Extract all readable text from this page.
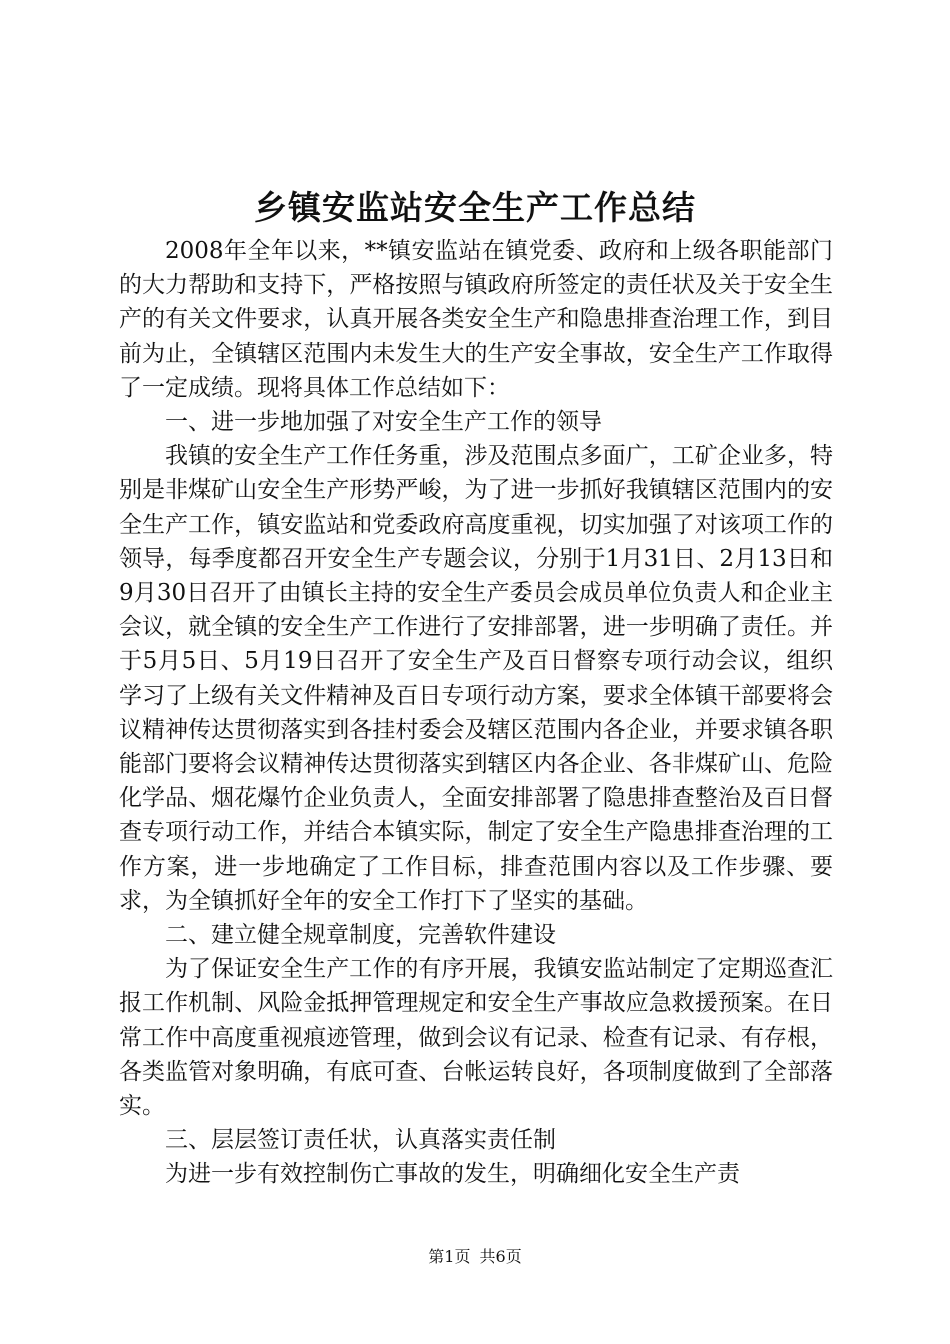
乡镇安监站安全生产工作总结

2008年全年以来，**镇安监站在镇党委、政府和上级各职能部门的大力帮助和支持下，严格按照与镇政府所签定的责任状及关于安全生产的有关文件要求，认真开展各类安全生产和隐患排查治理工作，到目前为止，全镇辖区范围内未发生大的生产安全事故，安全生产工作取得了一定成绩。现将具体工作总结如下：

一、进一步地加强了对安全生产工作的领导

我镇的安全生产工作任务重，涉及范围点多面广，工矿企业多，特别是非煤矿山安全生产形势严峻，为了进一步抓好我镇辖区范围内的安全生产工作，镇安监站和党委政府高度重视，切实加强了对该项工作的领导，每季度都召开安全生产专题会议，分别于1月31日、2月13日和9月30日召开了由镇长主持的安全生产委员会成员单位负责人和企业主会议，就全镇的安全生产工作进行了安排部署，进一步明确了责任。并于5月5日、5月19日召开了安全生产及百日督察专项行动会议，组织学习了上级有关文件精神及百日专项行动方案，要求全体镇干部要将会议精神传达贯彻落实到各挂村委会及辖区范围内各企业，并要求镇各职能部门要将会议精神传达贯彻落实到辖区内各企业、各非煤矿山、危险化学品、烟花爆竹企业负责人，全面安排部署了隐患排查整治及百日督查专项行动工作，并结合本镇实际，制定了安全生产隐患排查治理的工作方案，进一步地确定了工作目标，排查范围内容以及工作步骤、要求，为全镇抓好全年的安全工作打下了坚实的基础。

二、建立健全规章制度，完善软件建设

为了保证安全生产工作的有序开展，我镇安监站制定了定期巡查汇报工作机制、风险金抵押管理规定和安全生产事故应急救援预案。在日常工作中高度重视痕迹管理，做到会议有记录、检查有记录、有存根，各类监管对象明确，有底可查、台帐运转良好，各项制度做到了全部落实。

三、层层签订责任状，认真落实责任制

为进一步有效控制伤亡事故的发生，明确细化安全生产责

第1页 共6页
